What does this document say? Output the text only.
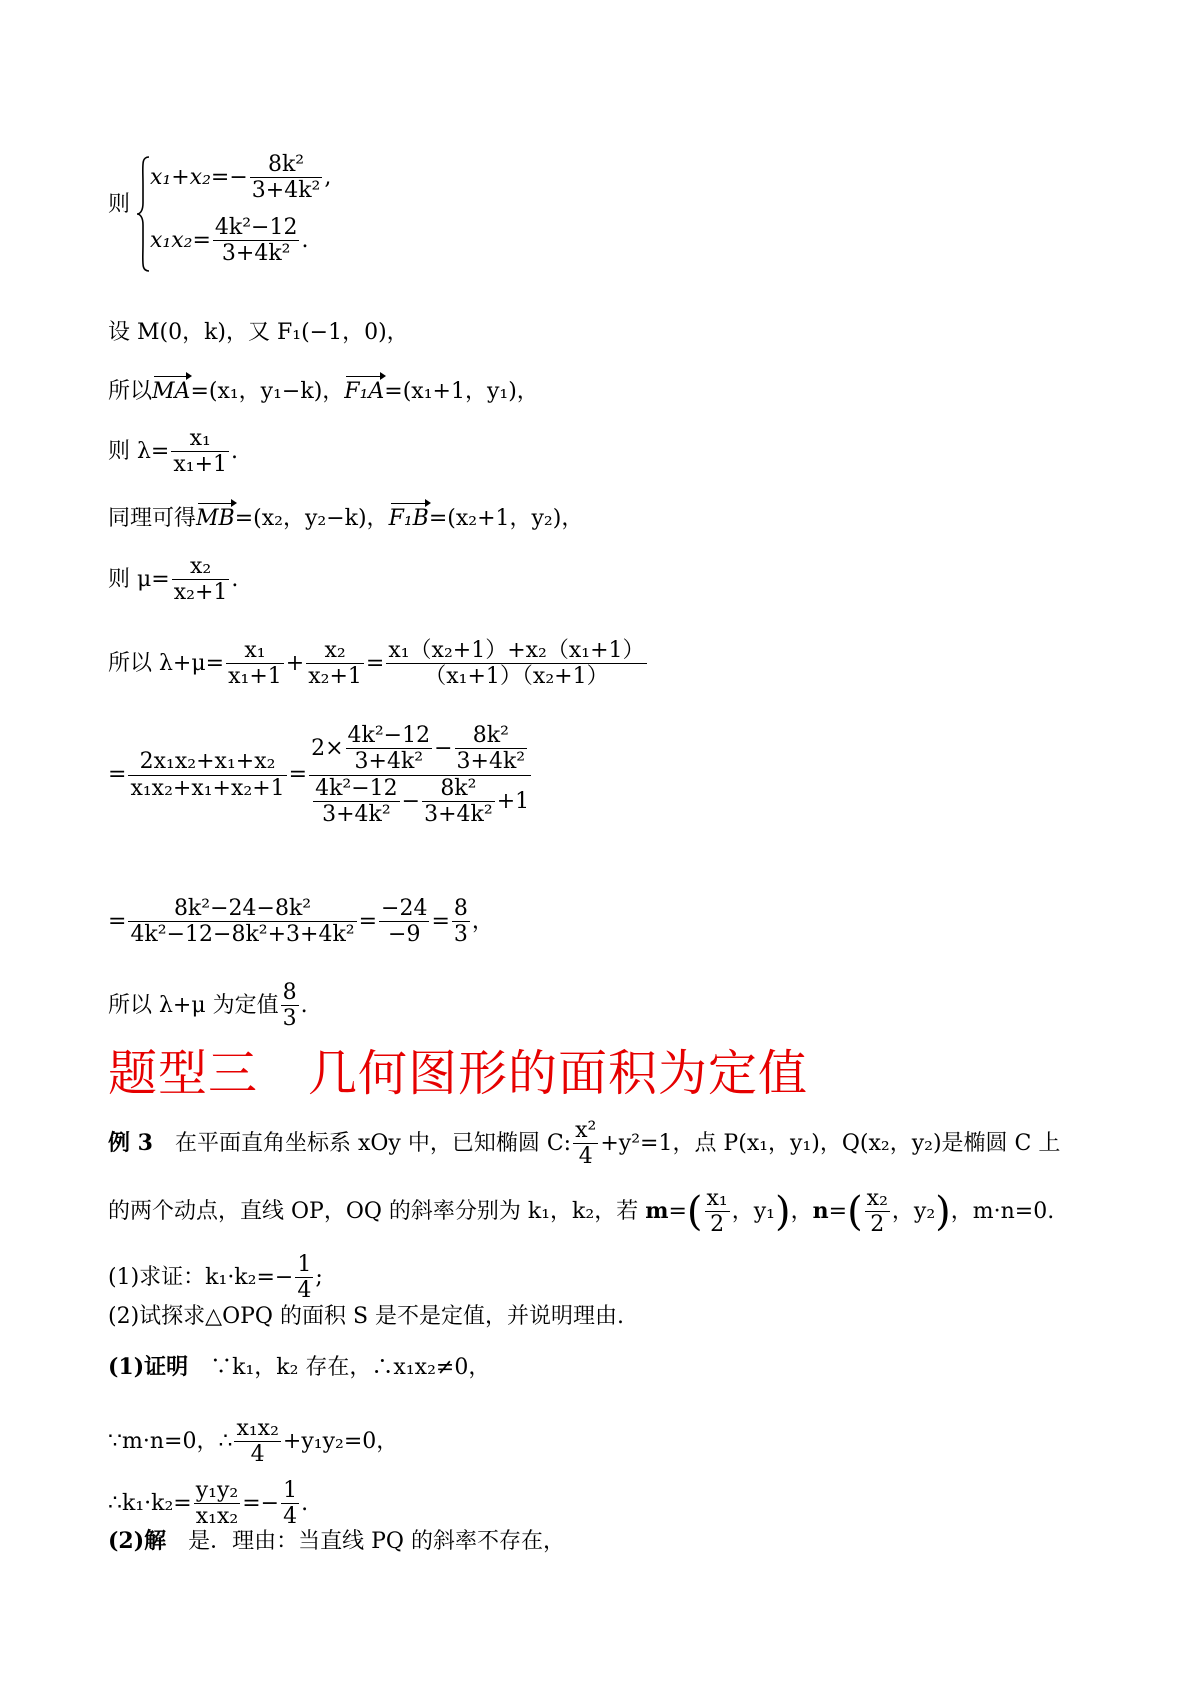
则
$x_1+x_2=- \frac{\text{8k²}}{\text{3+4k²}}$ ,
$x_1x_2= \frac{\text{4k²−12}}{\text{3+4k²}}$ .
设 M(0，k)，又 F₁(−1，0)，
所以MA=(x₁，y₁−k)，F₁A=(x₁+1，y₁)，
则 $\lambda= \frac{\text{x₁}}{\text{x₁+1}}$ .
同理可得MB=(x₂，y₂−k)，F₁B=(x₂+1，y₂)，
则 $\mu= \frac{\text{x₂}}{\text{x₂+1}}$ .
所以 $\lambda+\mu= \frac{\text{x₁}}{\text{x₁+1}} + \frac{\text{x₂}}{\text{x₂+1}} = \frac{\text{x₁（x₂+1）+x₂（x₁+1）}}{\text{（x₁+1）（x₂+1）}}$
= $\frac{\text{2x₁x₂+x₁+x₂}}{\text{x₁x₂+x₁+x₂+1}} = \frac{2\times \frac{\text{4k²−12}}{\text{3+4k²}} - \frac{\text{8k²}}{\text{3+4k²}}}{\frac{\text{4k²−12}}{\text{3+4k²}} - \frac{\text{8k²}}{\text{3+4k²}} +1}$
= $\frac{\text{8k²−24−8k²}}{\text{4k²−12−8k²+3+4k²}} = \frac{-24}{-9} = \frac{8}{3}$ ，
所以 λ+μ 为定值 $\frac{8}{3}$ .
题型三　几何图形的面积为定值
例 3　 在平面直角坐标系 xOy 中，已知椭圆 C: $\frac{\text{x²}}{4} +y^2=1$，点 P(x₁，y₁)，Q(x₂，y₂)是椭圆 C 上
的两个动点，直线 OP，OQ 的斜率分别为 k₁，k₂，若 $m=( \frac{\text{x₁}}{2}$ ，y₁)，$n=( \frac{\text{x₂}}{2}$ ，y₂)，m·n=0.
(1)求证：$k_1\cdot k_2=- \frac{1}{4}$ ;
(2)试探求△OPQ 的面积 S 是不是定值，并说明理由.
(1)证明　∵k₁，k₂ 存在，∴x₁x₂≠0，
∵m·n=0，∴ $\frac{\text{x₁x₂}}{4} +y_1y_2=0$，
∴k₁·k₂= $\frac{\text{y₁y₂}}{\text{x₁x₂}} =- \frac{1}{4}$ .
(2)解　是．理由：当直线 PQ 的斜率不存在，
